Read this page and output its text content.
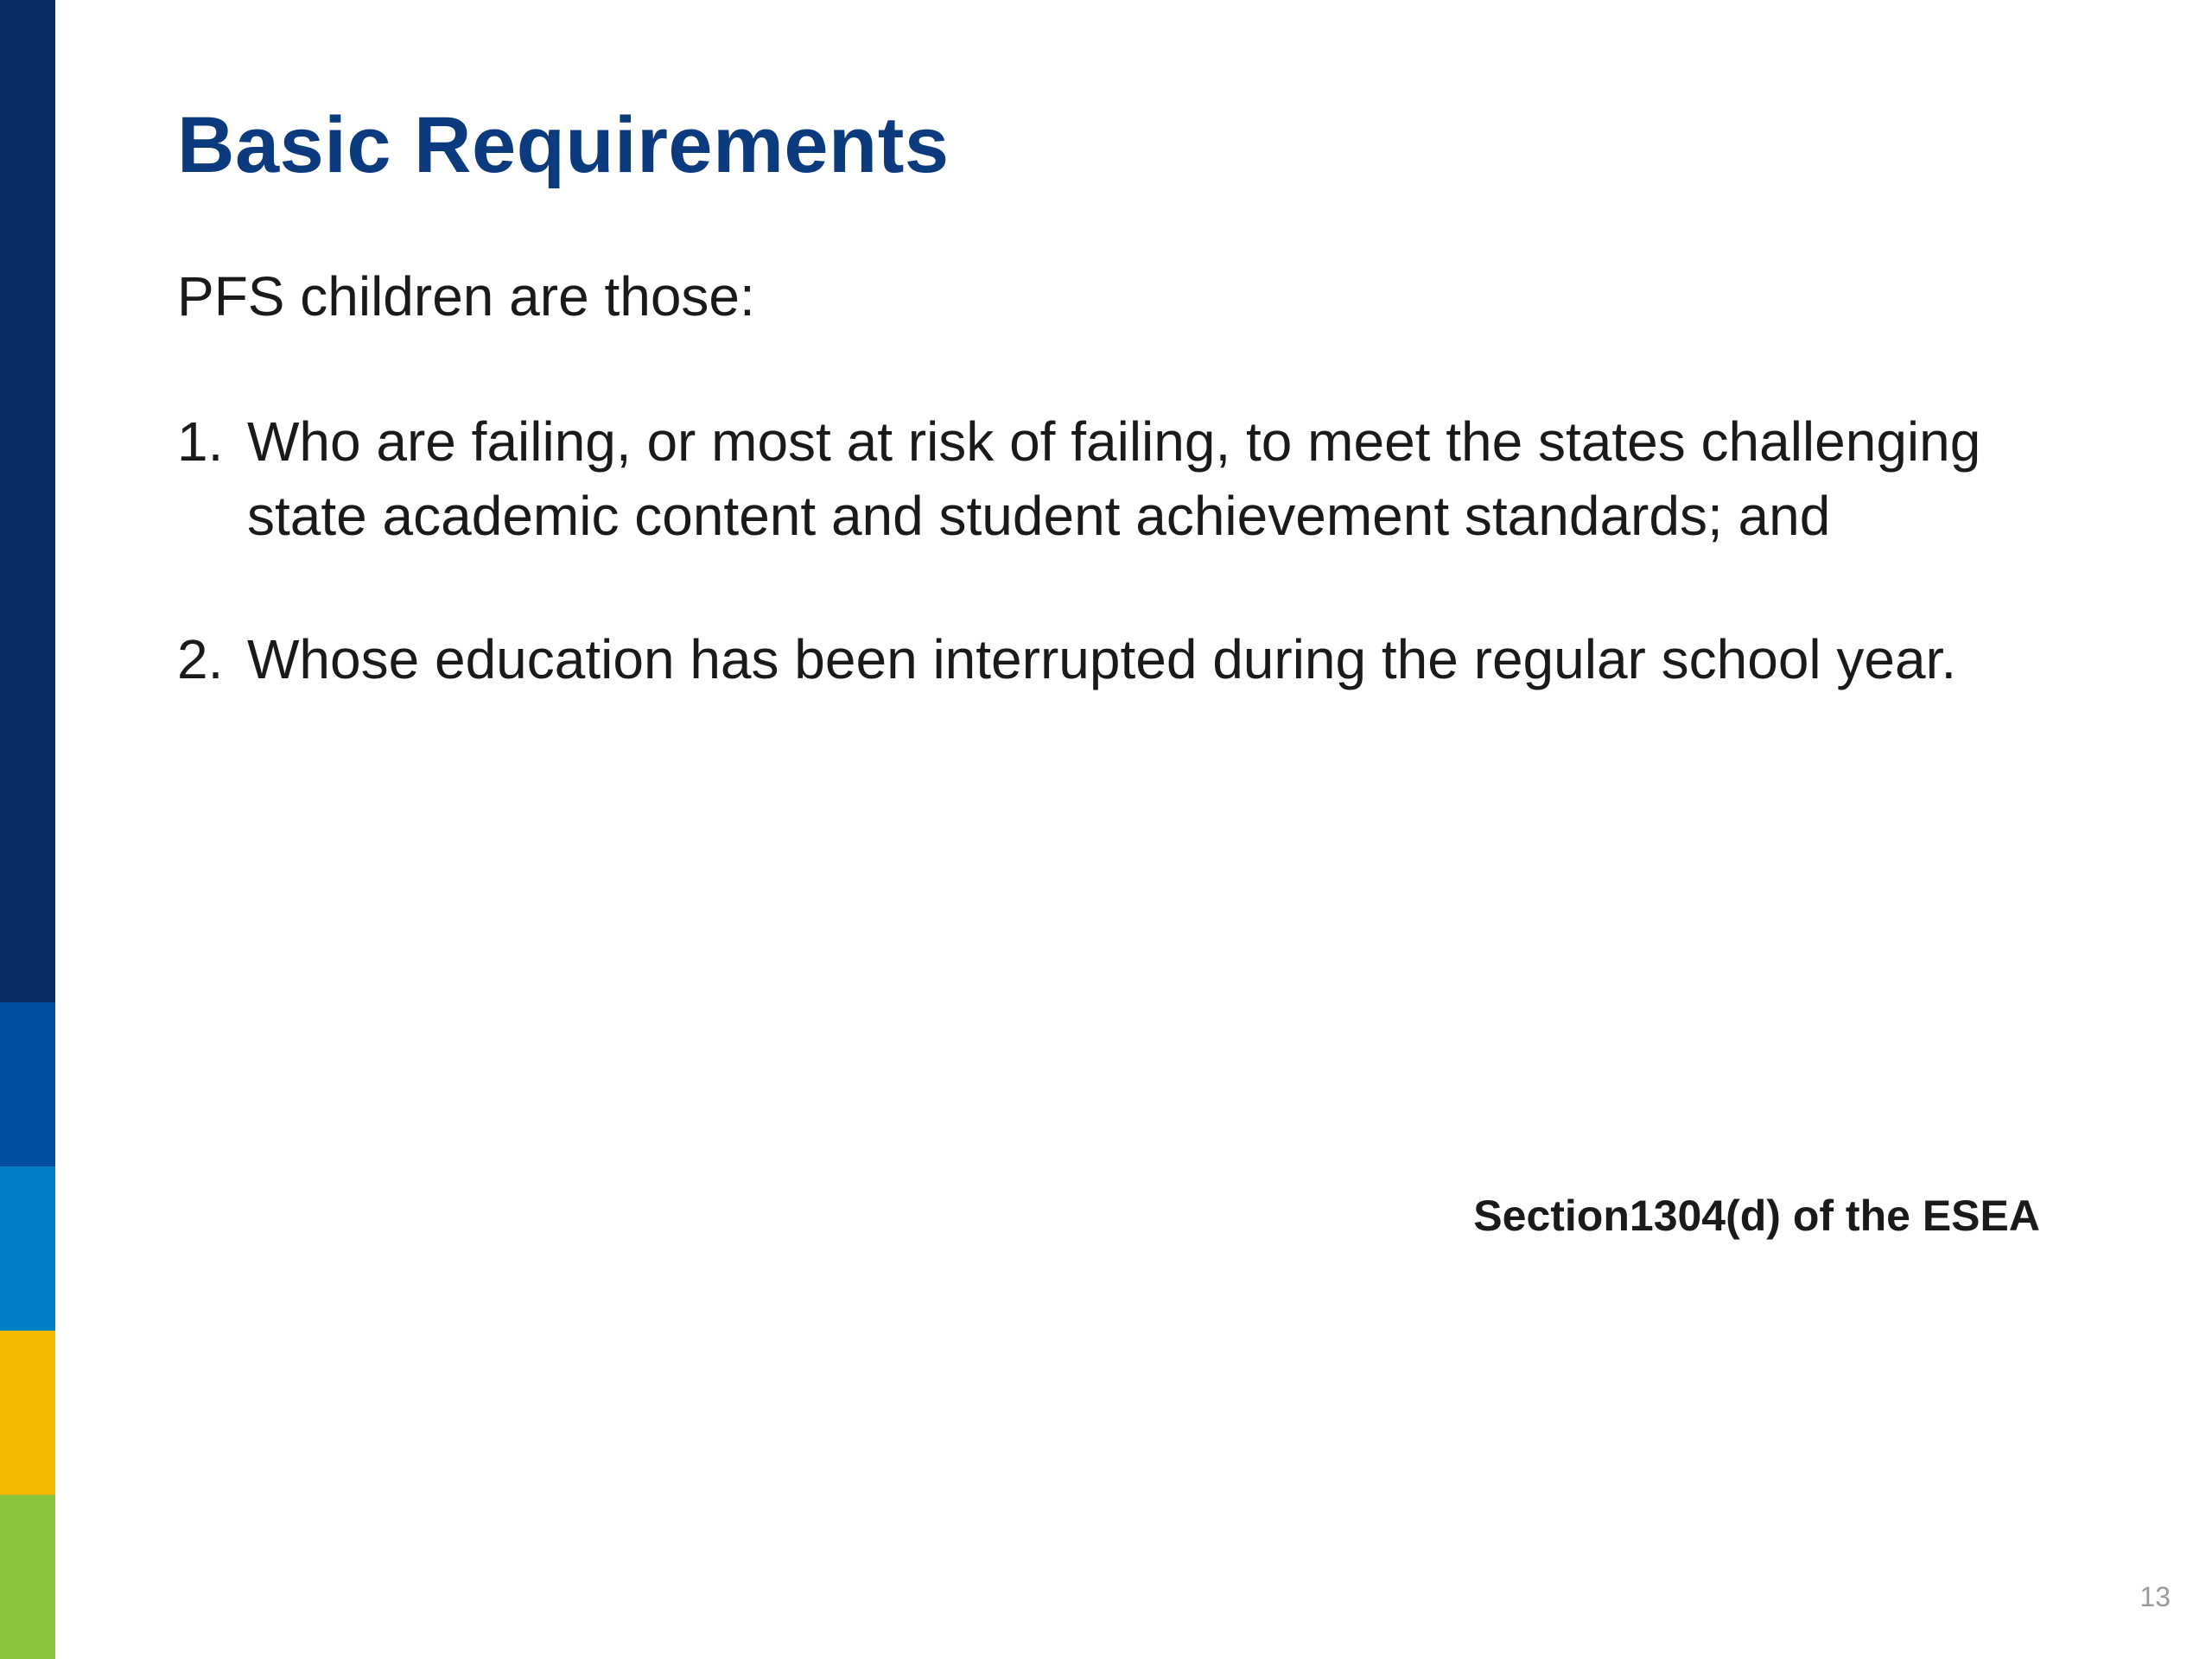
Basic Requirements

PFS children are those:

1. Who are failing, or most at risk of failing, to meet the states challenging state academic content and student achievement standards; and
2. Whose education has been interrupted during the regular school year.

Section1304(d) of the ESEA

13
